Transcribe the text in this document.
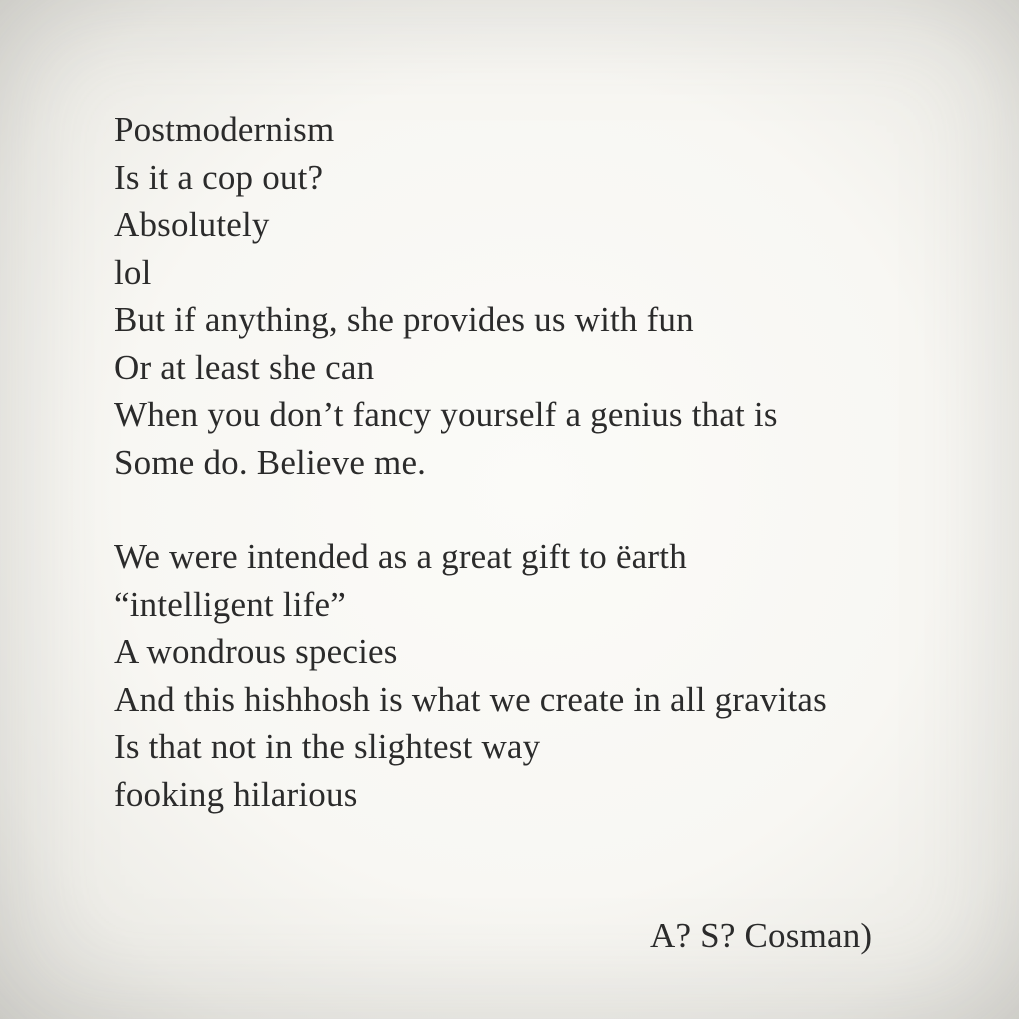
Postmodernism
Is it a cop out?
Absolutely
lol
But if anything, she provides us with fun
Or at least she can
When you don’t fancy yourself a genius that is
Some do. Believe me.

We were intended as a great gift to ëarth
“intelligent life”
A wondrous species
And this hishhosh is what we create in all gravitas
Is that not in the slightest way
fooking hilarious

A? S? Cosman)
